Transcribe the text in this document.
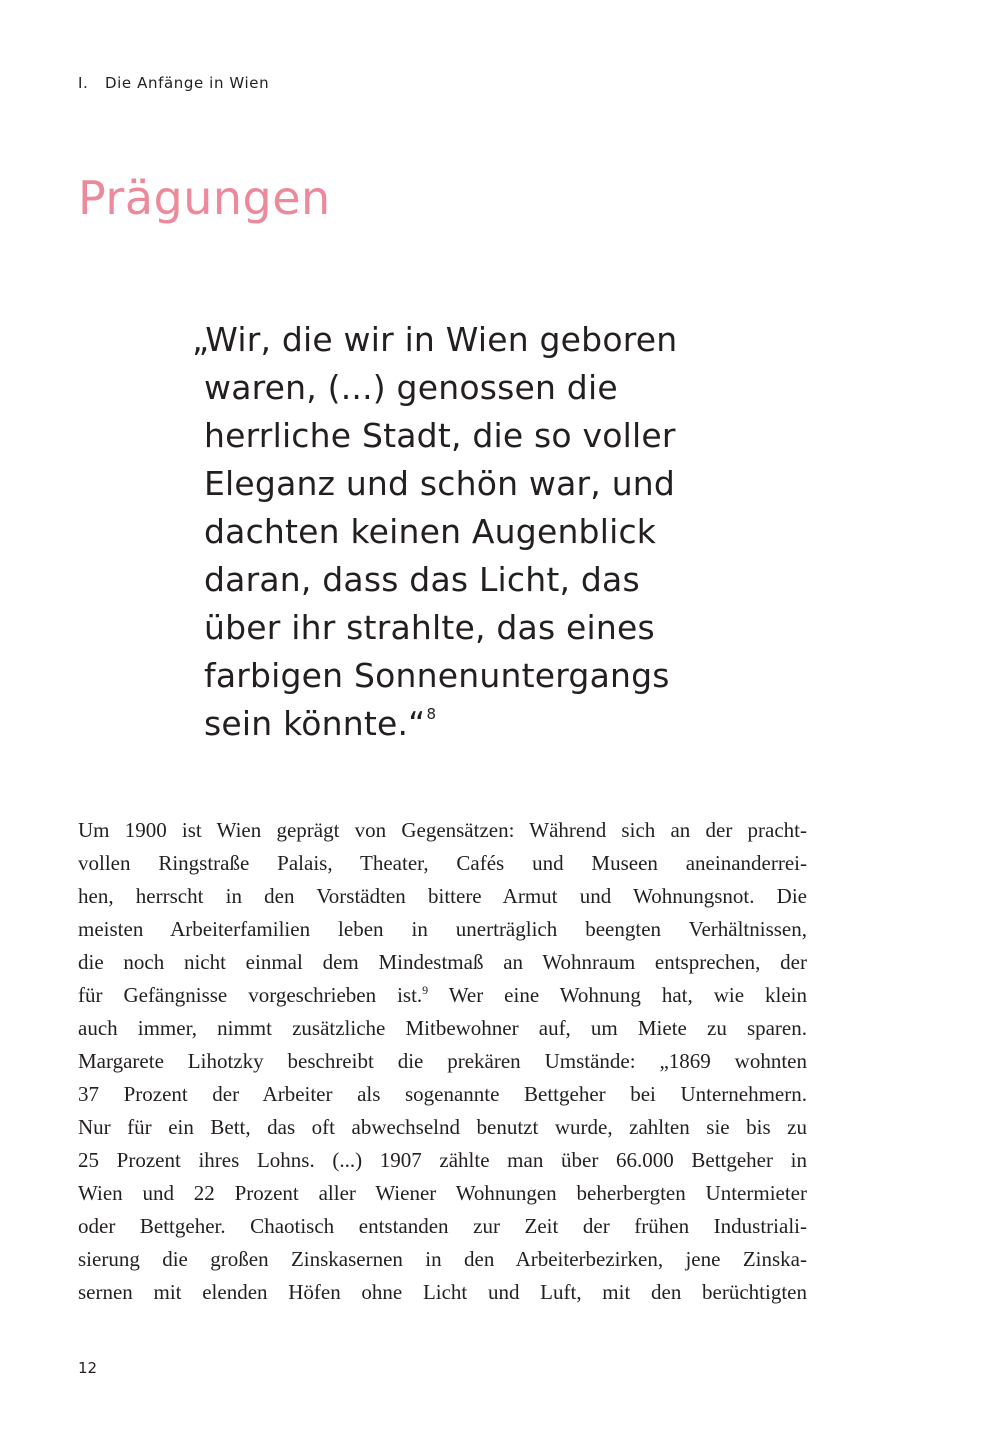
I. Die Anfänge in Wien
Prägungen
„Wir, die wir in Wien geboren
waren, (...) genossen die
herrliche Stadt, die so voller
Eleganz und schön war, und
dachten keinen Augenblick
daran, dass das Licht, das
über ihr strahlte, das eines
farbigen Sonnenuntergangs
sein könnte.“$^8$
Um 1900 ist Wien geprägt von Gegensätzen: Während sich an der pracht-
vollen Ringstraße Palais, Theater, Cafés und Museen aneinanderrei-
hen, herrscht in den Vorstädten bittere Armut und Wohnungsnot. Die
meisten Arbeiterfamilien leben in unerträglich beengten Verhältnissen,
die noch nicht einmal dem Mindestmaß an Wohnraum entsprechen, der
für Gefängnisse vorgeschrieben ist.$^9$ Wer eine Wohnung hat, wie klein
auch immer, nimmt zusätzliche Mitbewohner auf, um Miete zu sparen.
Margarete Lihotzky beschreibt die prekären Umstände: „1869 wohnten
37 Prozent der Arbeiter als sogenannte Bettgeher bei Unternehmern.
Nur für ein Bett, das oft abwechselnd benutzt wurde, zahlten sie bis zu
25 Prozent ihres Lohns. (...) 1907 zählte man über 66.000 Bettgeher in
Wien und 22 Prozent aller Wiener Wohnungen beherbergten Untermieter
oder Bettgeher. Chaotisch entstanden zur Zeit der frühen Industriali-
sierung die großen Zinskasernen in den Arbeiterbezirken, jene Zinska-
sernen mit elenden Höfen ohne Licht und Luft, mit den berüchtigten
12
